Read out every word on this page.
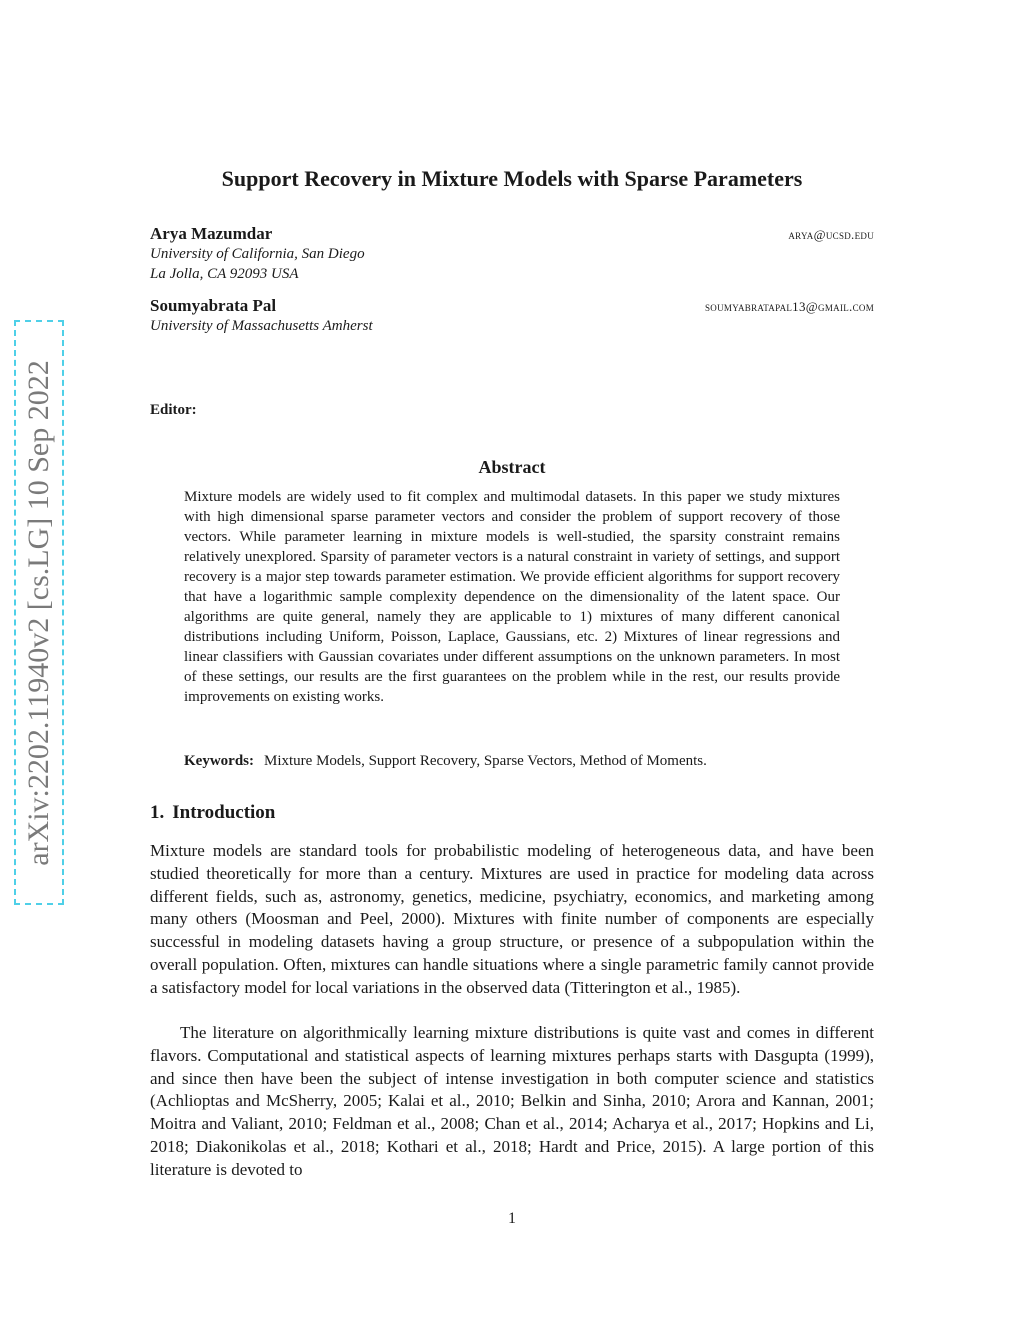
arXiv:2202.11940v2 [cs.LG] 10 Sep 2022
Support Recovery in Mixture Models with Sparse Parameters
Arya Mazumdar	arya@ucsd.edu
University of California, San Diego
La Jolla, CA 92093 USA
Soumyabrata Pal	soumyabratapal13@gmail.com
University of Massachusetts Amherst
Editor:
Abstract
Mixture models are widely used to fit complex and multimodal datasets. In this paper we study mixtures with high dimensional sparse parameter vectors and consider the problem of support recovery of those vectors. While parameter learning in mixture models is well-studied, the sparsity constraint remains relatively unexplored. Sparsity of parameter vectors is a natural constraint in variety of settings, and support recovery is a major step towards parameter estimation. We provide efficient algorithms for support recovery that have a logarithmic sample complexity dependence on the dimensionality of the latent space. Our algorithms are quite general, namely they are applicable to 1) mixtures of many different canonical distributions including Uniform, Poisson, Laplace, Gaussians, etc. 2) Mixtures of linear regressions and linear classifiers with Gaussian covariates under different assumptions on the unknown parameters. In most of these settings, our results are the first guarantees on the problem while in the rest, our results provide improvements on existing works.
Keywords: Mixture Models, Support Recovery, Sparse Vectors, Method of Moments.
1. Introduction
Mixture models are standard tools for probabilistic modeling of heterogeneous data, and have been studied theoretically for more than a century. Mixtures are used in practice for modeling data across different fields, such as, astronomy, genetics, medicine, psychiatry, economics, and marketing among many others (Moosman and Peel, 2000). Mixtures with finite number of components are especially successful in modeling datasets having a group structure, or presence of a subpopulation within the overall population. Often, mixtures can handle situations where a single parametric family cannot provide a satisfactory model for local variations in the observed data (Titterington et al., 1985).
The literature on algorithmically learning mixture distributions is quite vast and comes in different flavors. Computational and statistical aspects of learning mixtures perhaps starts with Dasgupta (1999), and since then have been the subject of intense investigation in both computer science and statistics (Achlioptas and McSherry, 2005; Kalai et al., 2010; Belkin and Sinha, 2010; Arora and Kannan, 2001; Moitra and Valiant, 2010; Feldman et al., 2008; Chan et al., 2014; Acharya et al., 2017; Hopkins and Li, 2018; Diakonikolas et al., 2018; Kothari et al., 2018; Hardt and Price, 2015). A large portion of this literature is devoted to
1
